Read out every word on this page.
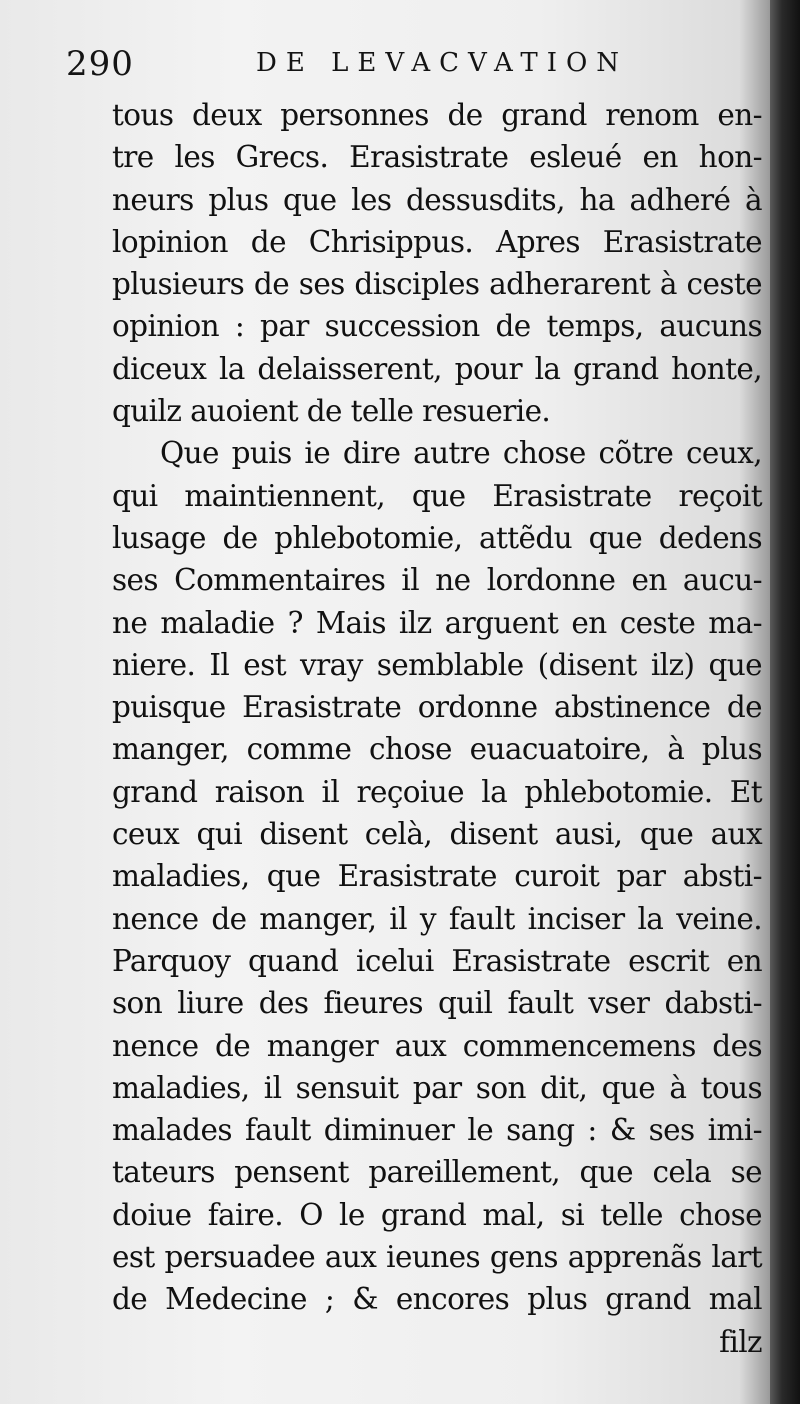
290	DE LEVACVATION
tous deux personnes de grand renom en-
tre les Grecs. Erasistrate esleué en hon-
neurs plus que les dessusdits, ha adheré à
lopinion de Chrisippus. Apres Erasistrate
plusieurs de ses disciples adherarent à ceste
opinion : par succession de temps, aucuns
diceux la delaisserent, pour la grand honte,
quilz auoient de telle resuerie.
Que puis ie dire autre chose cõtre ceux,
qui maintiennent, que Erasistrate reçoit
lusage de phlebotomie, attẽdu que dedens
ses Commentaires il ne lordonne en aucu-
ne maladie ? Mais ilz arguent en ceste ma-
niere. Il est vray semblable (disent ilz) que
puisque Erasistrate ordonne abstinence de
manger, comme chose euacuatoire, à plus
grand raison il reçoiue la phlebotomie. Et
ceux qui disent celà, disent ausi, que aux
maladies, que Erasistrate curoit par absti-
nence de manger, il y fault inciser la veine.
Parquoy quand icelui Erasistrate escrit en
son liure des fieures quil fault vser dabsti-
nence de manger aux commencemens des
maladies, il sensuit par son dit, que à tous
malades fault diminuer le sang : & ses imi-
tateurs pensent pareillement, que cela se
doiue faire. O le grand mal, si telle chose
est persuadee aux ieunes gens apprenãs lart
de Medecine ; & encores plus grand mal
filz
